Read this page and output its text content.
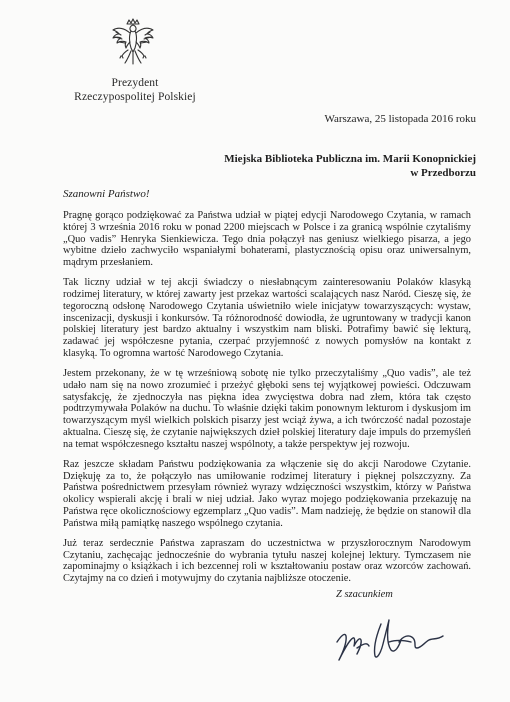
Prezydent
Rzeczypospolitej Polskiej
Warszawa, 25 listopada 2016 roku
Miejska Biblioteka Publiczna im. Marii Konopnickiej
w Przedborzu
Szanowni Państwo!

Pragnę gorąco podziękować za Państwa udział w piątej edycji Narodowego Czytania, w ramach której 3 września 2016 roku w ponad 2200 miejscach w Polsce i za granicą wspólnie czytaliśmy „Quo vadis” Henryka Sienkiewicza. Tego dnia połączył nas geniusz wielkiego pisarza, a jego wybitne dzieło zachwyciło wspaniałymi bohaterami, plastycznością opisu oraz uniwersalnym, mądrym przesłaniem.

Tak liczny udział w tej akcji świadczy o niesłabnącym zainteresowaniu Polaków klasyką rodzimej literatury, w której zawarty jest przekaz wartości scalających nasz Naród. Cieszę się, że tegoroczną odsłonę Narodowego Czytania uświetniło wiele inicjatyw towarzyszących: wystaw, inscenizacji, dyskusji i konkursów. Ta różnorodność dowiodła, że ugruntowany w tradycji kanon polskiej literatury jest bardzo aktualny i wszystkim nam bliski. Potrafimy bawić się lekturą, zadawać jej współczesne pytania, czerpać przyjemność z nowych pomysłów na kontakt z klasyką. To ogromna wartość Narodowego Czytania.

Jestem przekonany, że w tę wrześniową sobotę nie tylko przeczytaliśmy „Quo vadis”, ale też udało nam się na nowo zrozumieć i przeżyć głęboki sens tej wyjątkowej powieści. Odczuwam satysfakcję, że zjednoczyła nas piękna idea zwycięstwa dobra nad złem, która tak często podtrzymywała Polaków na duchu. To właśnie dzięki takim ponownym lekturom i dyskusjom im towarzyszącym myśl wielkich polskich pisarzy jest wciąż żywa, a ich twórczość nadal pozostaje aktualna. Cieszę się, że czytanie największych dzieł polskiej literatury daje impuls do przemyśleń na temat współczesnego kształtu naszej wspólnoty, a także perspektyw jej rozwoju.

Raz jeszcze składam Państwu podziękowania za włączenie się do akcji Narodowe Czytanie. Dziękuję za to, że połączyło nas umiłowanie rodzimej literatury i pięknej polszczyzny. Za Państwa pośrednictwem przesyłam również wyrazy wdzięczności wszystkim, którzy w Państwa okolicy wspierali akcję i brali w niej udział. Jako wyraz mojego podziękowania przekazuję na Państwa ręce okolicznościowy egzemplarz „Quo vadis”. Mam nadzieję, że będzie on stanowił dla Państwa miłą pamiątkę naszego wspólnego czytania.

Już teraz serdecznie Państwa zapraszam do uczestnictwa w przyszłorocznym Narodowym Czytaniu, zachęcając jednocześnie do wybrania tytułu naszej kolejnej lektury. Tymczasem nie zapominajmy o książkach i ich bezcennej roli w kształtowaniu postaw oraz wzorców zachowań. Czytajmy na co dzień i motywujmy do czytania najbliższe otoczenie.

Z szacunkiem
